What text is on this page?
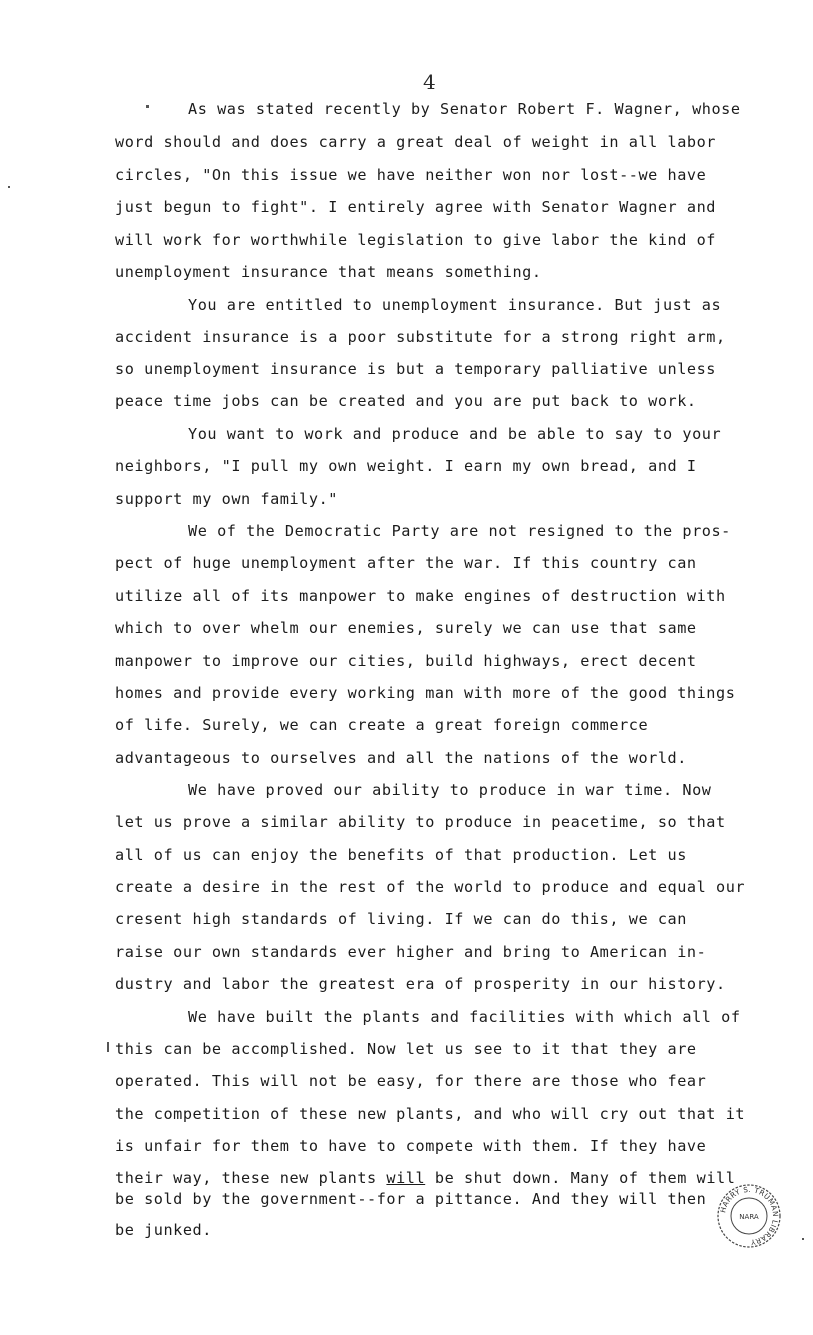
4
As was stated recently by Senator Robert F. Wagner, whose
word should and does carry a great deal of weight in all labor
circles, "On this issue we have neither won nor lost--we have
just begun to fight". I entirely agree with Senator Wagner and
will work for worthwhile legislation to give labor the kind of
unemployment insurance that means something.
You are entitled to unemployment insurance. But just as
accident insurance is a poor substitute for a strong right arm,
so unemployment insurance is but a temporary palliative unless
peace time jobs can be created and you are put back to work.
You want to work and produce and be able to say to your
neighbors, "I pull my own weight. I earn my own bread, and I
support my own family."
We of the Democratic Party are not resigned to the pros-
pect of huge unemployment after the war. If this country can
utilize all of its manpower to make engines of destruction with
which to over whelm our enemies, surely we can use that same
manpower to improve our cities, build highways, erect decent
homes and provide every working man with more of the good things
of life. Surely, we can create a great foreign commerce
advantageous to ourselves and all the nations of the world.
We have proved our ability to produce in war time. Now
let us prove a similar ability to produce in peacetime, so that
all of us can enjoy the benefits of that production. Let us
create a desire in the rest of the world to produce and equal our
cresent high standards of living. If we can do this, we can
raise our own standards ever higher and bring to American in-
dustry and labor the greatest era of prosperity in our history.
We have built the plants and facilities with which all of
this can be accomplished. Now let us see to it that they are
operated. This will not be easy, for there are those who fear
the competition of these new plants, and who will cry out that it
is unfair for them to have to compete with them. If they have
their way, these new plants will be shut down. Many of them will
be sold by the government--for a pittance. And they will then
be junked.
HARRY S. TRUMAN LIBRARY
NARA
